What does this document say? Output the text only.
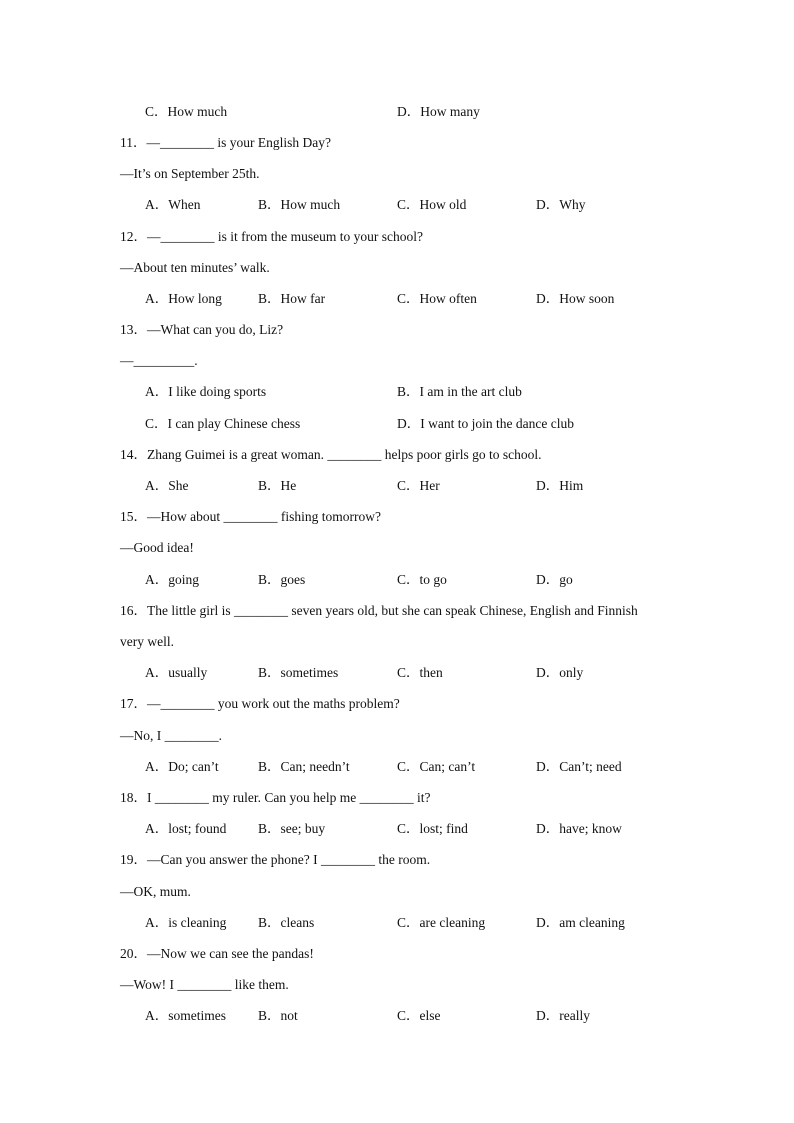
C．How much	D．How many
11．—________ is your English Day?
—It’s on September 25th.
A．When	B．How much	C．How old	D．Why
12．—________ is it from the museum to your school?
—About ten minutes’ walk.
A．How long	B．How far	C．How often	D．How soon
13．—What can you do, Liz?
—_________.
A．I like doing sports	B．I am in the art club
C．I can play Chinese chess	D．I want to join the dance club
14．Zhang Guimei is a great woman. ________ helps poor girls go to school.
A．She	B．He	C．Her	D．Him
15．—How about ________ fishing tomorrow?
—Good idea!
A．going	B．goes	C．to go	D．go
16．The little girl is ________ seven years old, but she can speak Chinese, English and Finnish
very well.
A．usually	B．sometimes	C．then	D．only
17．—________ you work out the maths problem?
—No, I ________.
A．Do; can’t	B．Can; needn’t	C．Can; can’t	D．Can’t; need
18．I ________ my ruler. Can you help me ________ it?
A．lost; found B．see; buy	C．lost; find	D．have; know
19．—Can you answer the phone? I ________ the room.
—OK, mum.
A．is cleaning B．cleans	C．are cleaning	D．am cleaning
20．—Now we can see the pandas!
—Wow! I ________ like them.
A．sometimes B．not	C．else	D．really
